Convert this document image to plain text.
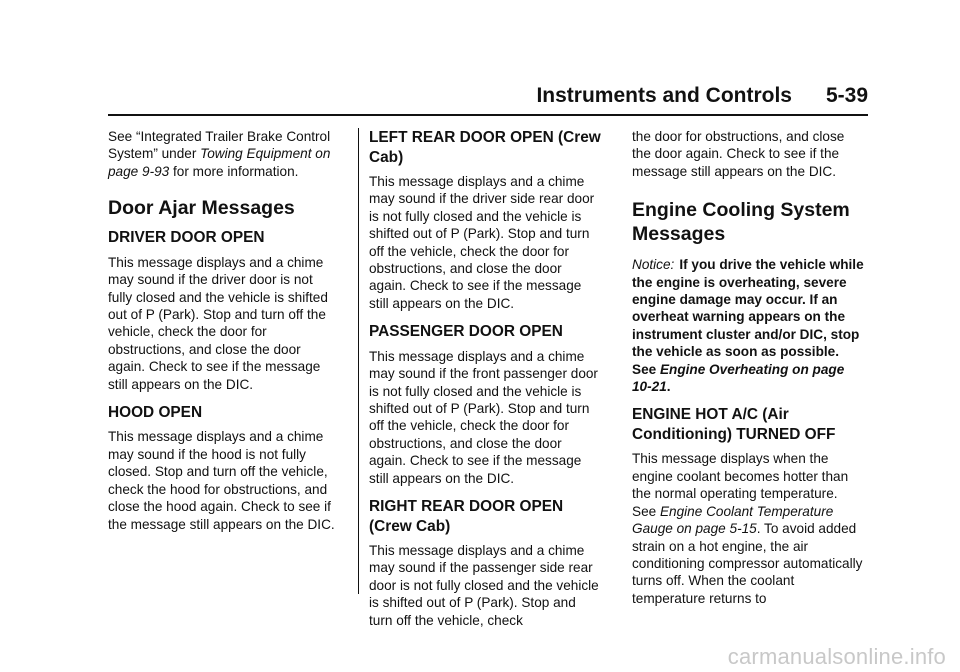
Instruments and Controls 5-39

See “Integrated Trailer Brake Control System” under Towing Equipment on page 9-93 for more information.

Door Ajar Messages
DRIVER DOOR OPEN

This message displays and a chime may sound if the driver door is not fully closed and the vehicle is shifted out of P (Park). Stop and turn off the vehicle, check the door for obstructions, and close the door again. Check to see if the message still appears on the DIC.

HOOD OPEN

This message displays and a chime may sound if the hood is not fully closed. Stop and turn off the vehicle, check the hood for obstructions, and close the hood again. Check to see if the message still appears on the DIC.

LEFT REAR DOOR OPEN (Crew Cab)

This message displays and a chime may sound if the driver side rear door is not fully closed and the vehicle is shifted out of P (Park). Stop and turn off the vehicle, check the door for obstructions, and close the door again. Check to see if the message still appears on the DIC.

PASSENGER DOOR OPEN

This message displays and a chime may sound if the front passenger door is not fully closed and the vehicle is shifted out of P (Park). Stop and turn off the vehicle, check the door for obstructions, and close the door again. Check to see if the message still appears on the DIC.

RIGHT REAR DOOR OPEN (Crew Cab)

This message displays and a chime may sound if the passenger side rear door is not fully closed and the vehicle is shifted out of P (Park). Stop and turn off the vehicle, check

the door for obstructions, and close the door again. Check to see if the message still appears on the DIC.

Engine Cooling System Messages

Notice: If you drive the vehicle while the engine is overheating, severe engine damage may occur. If an overheat warning appears on the instrument cluster and/or DIC, stop the vehicle as soon as possible. See Engine Overheating on page 10-21.

ENGINE HOT A/C (Air Conditioning) TURNED OFF

This message displays when the engine coolant becomes hotter than the normal operating temperature. See Engine Coolant Temperature Gauge on page 5-15. To avoid added strain on a hot engine, the air conditioning compressor automatically turns off. When the coolant temperature returns to

carmanualsonline.info
